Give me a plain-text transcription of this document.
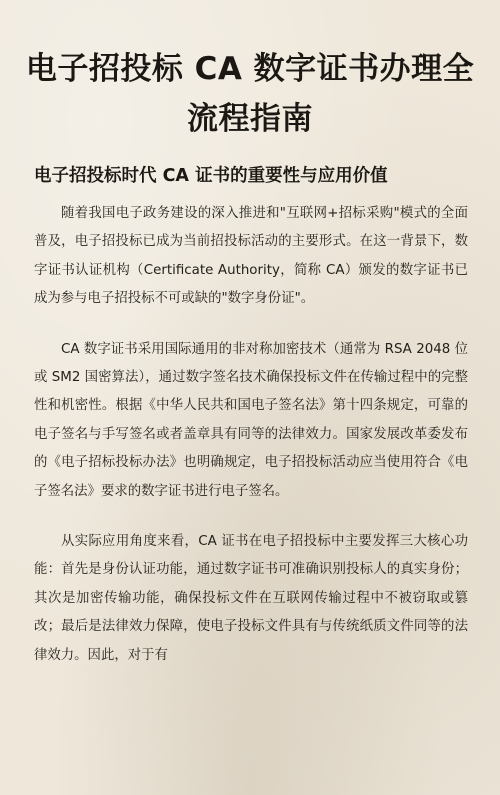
电子招投标 CA 数字证书办理全流程指南
电子招投标时代 CA 证书的重要性与应用价值

随着我国电子政务建设的深入推进和"互联网+招标采购"模式的全面普及，电子招投标已成为当前招投标活动的主要形式。在这一背景下，数字证书认证机构（Certificate Authority，简称 CA）颁发的数字证书已成为参与电子招投标不可或缺的"数字身份证"。

CA 数字证书采用国际通用的非对称加密技术（通常为 RSA 2048 位或 SM2 国密算法），通过数字签名技术确保投标文件在传输过程中的完整性和机密性。根据《中华人民共和国电子签名法》第十四条规定，可靠的电子签名与手写签名或者盖章具有同等的法律效力。国家发展改革委发布的《电子招标投标办法》也明确规定，电子招投标活动应当使用符合《电子签名法》要求的数字证书进行电子签名。

从实际应用角度来看，CA 证书在电子招投标中主要发挥三大核心功能：首先是身份认证功能，通过数字证书可准确识别投标人的真实身份；其次是加密传输功能，确保投标文件在互联网传输过程中不被窃取或篡改；最后是法律效力保障，使电子投标文件具有与传统纸质文件同等的法律效力。因此，对于有
